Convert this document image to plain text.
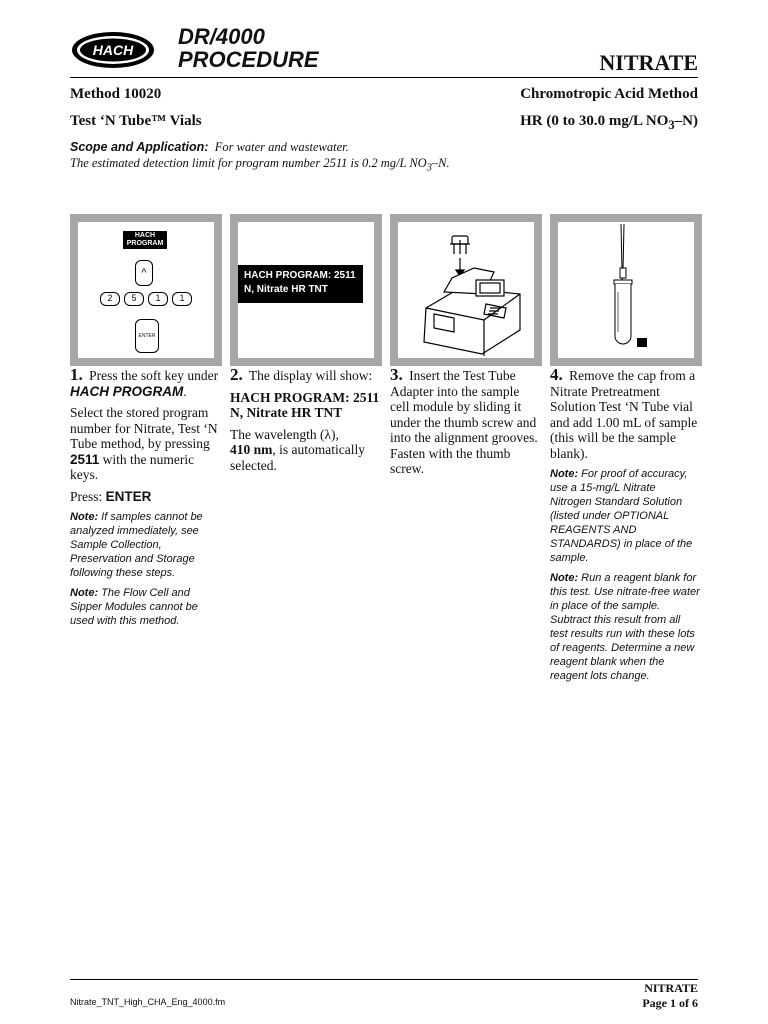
HACH
DR/4000
PROCEDURE	NITRATE
Method 10020	Chromotropic Acid Method
Test ‘N Tube™ Vials	HR (0 to 30.0 mg/L $NO_3-N$)
Scope and Application: For water and wastewater.
The estimated detection limit for program number 2511 is 0.2 mg/L $NO_3-N$.
HACH
PROGRAM
^
2	5	1	1
ENTER
HACH PROGRAM: 2511
N, Nitrate HR TNT

1. Press the soft key under HACH PROGRAM.

Select the stored program number for Nitrate, Test ‘N Tube method, by pressing 2511 with the numeric keys.

Press: ENTER

Note: If samples cannot be analyzed immediately, see Sample Collection, Preservation and Storage following these steps.

Note: The Flow Cell and Sipper Modules cannot be used with this method.

2. The display will show:

HACH PROGRAM: 2511
N, Nitrate HR TNT

The wavelength (λ),
410 nm, is automatically selected.

3. Insert the Test Tube Adapter into the sample cell module by sliding it under the thumb screw and into the alignment grooves. Fasten with the thumb screw.

4. Remove the cap from a Nitrate Pretreatment Solution Test ‘N Tube vial and add 1.00 mL of sample (this will be the sample blank).

Note: For proof of accuracy, use a 15-mg/L Nitrate Nitrogen Standard Solution (listed under OPTIONAL REAGENTS AND STANDARDS) in place of the sample.

Note: Run a reagent blank for this test. Use nitrate-free water in place of the sample. Subtract this result from all test results run with these lots of reagents. Determine a new reagent blank when the reagent lots change.

Nitrate_TNT_High_CHA_Eng_4000.fm
NITRATE
Page 1 of 6
